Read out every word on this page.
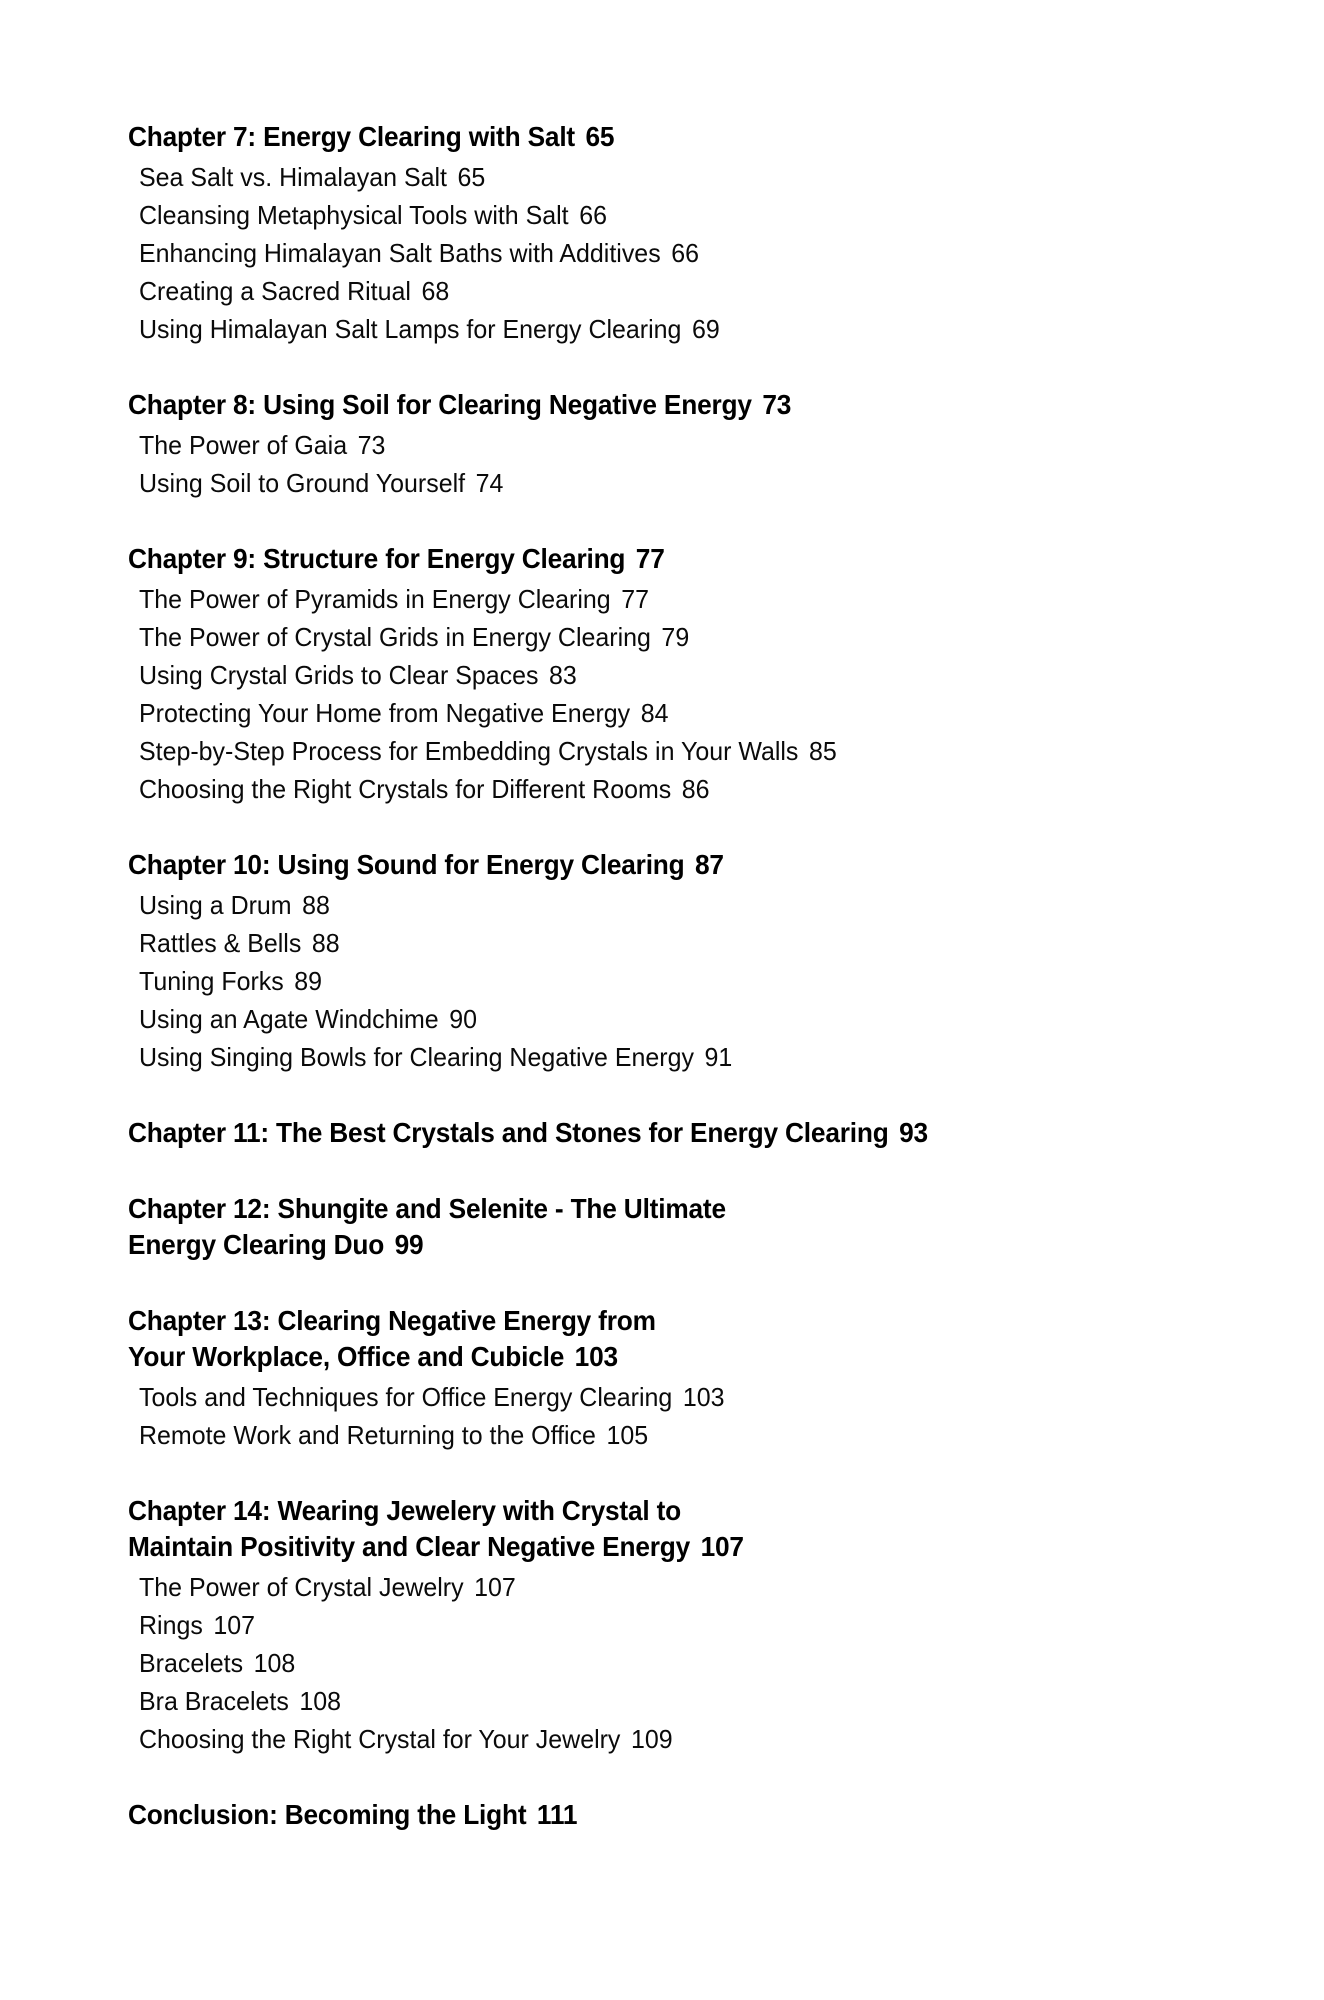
Chapter 7: Energy Clearing with Salt 65
Sea Salt vs. Himalayan Salt 65
Cleansing Metaphysical Tools with Salt 66
Enhancing Himalayan Salt Baths with Additives 66
Creating a Sacred Ritual 68
Using Himalayan Salt Lamps for Energy Clearing 69
Chapter 8: Using Soil for Clearing Negative Energy 73
The Power of Gaia 73
Using Soil to Ground Yourself 74
Chapter 9: Structure for Energy Clearing 77
The Power of Pyramids in Energy Clearing 77
The Power of Crystal Grids in Energy Clearing 79
Using Crystal Grids to Clear Spaces 83
Protecting Your Home from Negative Energy 84
Step-by-Step Process for Embedding Crystals in Your Walls 85
Choosing the Right Crystals for Different Rooms 86
Chapter 10: Using Sound for Energy Clearing 87
Using a Drum 88
Rattles & Bells 88
Tuning Forks 89
Using an Agate Windchime 90
Using Singing Bowls for Clearing Negative Energy 91
Chapter 11: The Best Crystals and Stones for Energy Clearing 93
Chapter 12: Shungite and Selenite - The Ultimate
Energy Clearing Duo 99
Chapter 13: Clearing Negative Energy from
Your Workplace, Office and Cubicle 103
Tools and Techniques for Office Energy Clearing 103
Remote Work and Returning to the Office 105
Chapter 14: Wearing Jewelery with Crystal to
Maintain Positivity and Clear Negative Energy 107
The Power of Crystal Jewelry 107
Rings 107
Bracelets 108
Bra Bracelets 108
Choosing the Right Crystal for Your Jewelry 109
Conclusion: Becoming the Light 111
